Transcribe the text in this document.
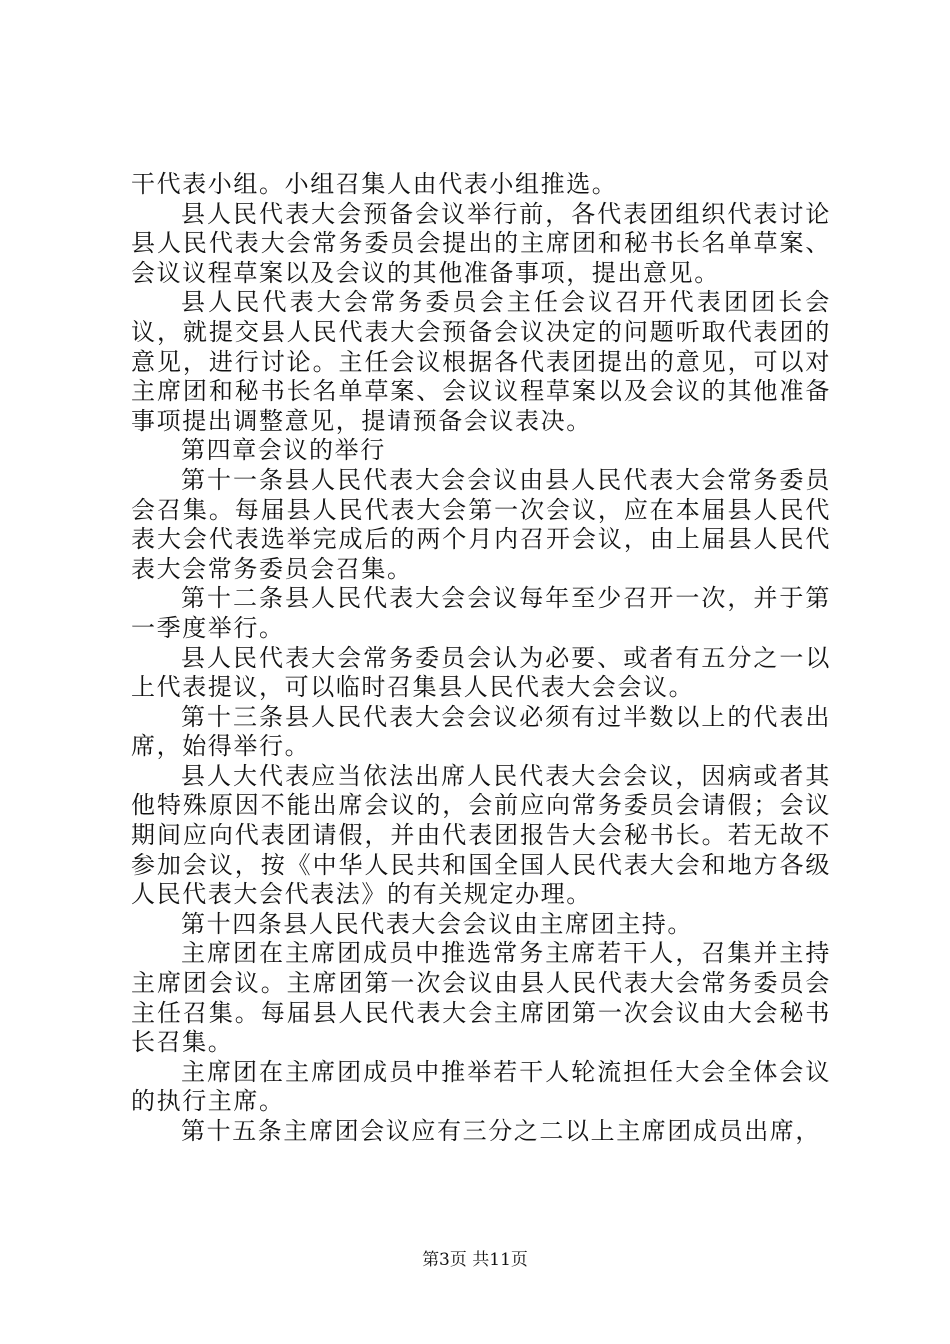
干代表小组。小组召集人由代表小组推选。

县人民代表大会预备会议举行前，各代表团组织代表讨论县人民代表大会常务委员会提出的主席团和秘书长名单草案、会议议程草案以及会议的其他准备事项，提出意见。

县人民代表大会常务委员会主任会议召开代表团团长会议，就提交县人民代表大会预备会议决定的问题听取代表团的意见，进行讨论。主任会议根据各代表团提出的意见，可以对主席团和秘书长名单草案、会议议程草案以及会议的其他准备事项提出调整意见，提请预备会议表决。

第四章会议的举行

第十一条县人民代表大会会议由县人民代表大会常务委员会召集。每届县人民代表大会第一次会议，应在本届县人民代表大会代表选举完成后的两个月内召开会议，由上届县人民代表大会常务委员会召集。

第十二条县人民代表大会会议每年至少召开一次，并于第一季度举行。

县人民代表大会常务委员会认为必要、或者有五分之一以上代表提议，可以临时召集县人民代表大会会议。

第十三条县人民代表大会会议必须有过半数以上的代表出席，始得举行。

县人大代表应当依法出席人民代表大会会议，因病或者其他特殊原因不能出席会议的，会前应向常务委员会请假；会议期间应向代表团请假，并由代表团报告大会秘书长。若无故不参加会议，按《中华人民共和国全国人民代表大会和地方各级人民代表大会代表法》的有关规定办理。

第十四条县人民代表大会会议由主席团主持。

主席团在主席团成员中推选常务主席若干人，召集并主持主席团会议。主席团第一次会议由县人民代表大会常务委员会主任召集。每届县人民代表大会主席团第一次会议由大会秘书长召集。

主席团在主席团成员中推举若干人轮流担任大会全体会议的执行主席。

第十五条主席团会议应有三分之二以上主席团成员出席，

第3页 共11页
